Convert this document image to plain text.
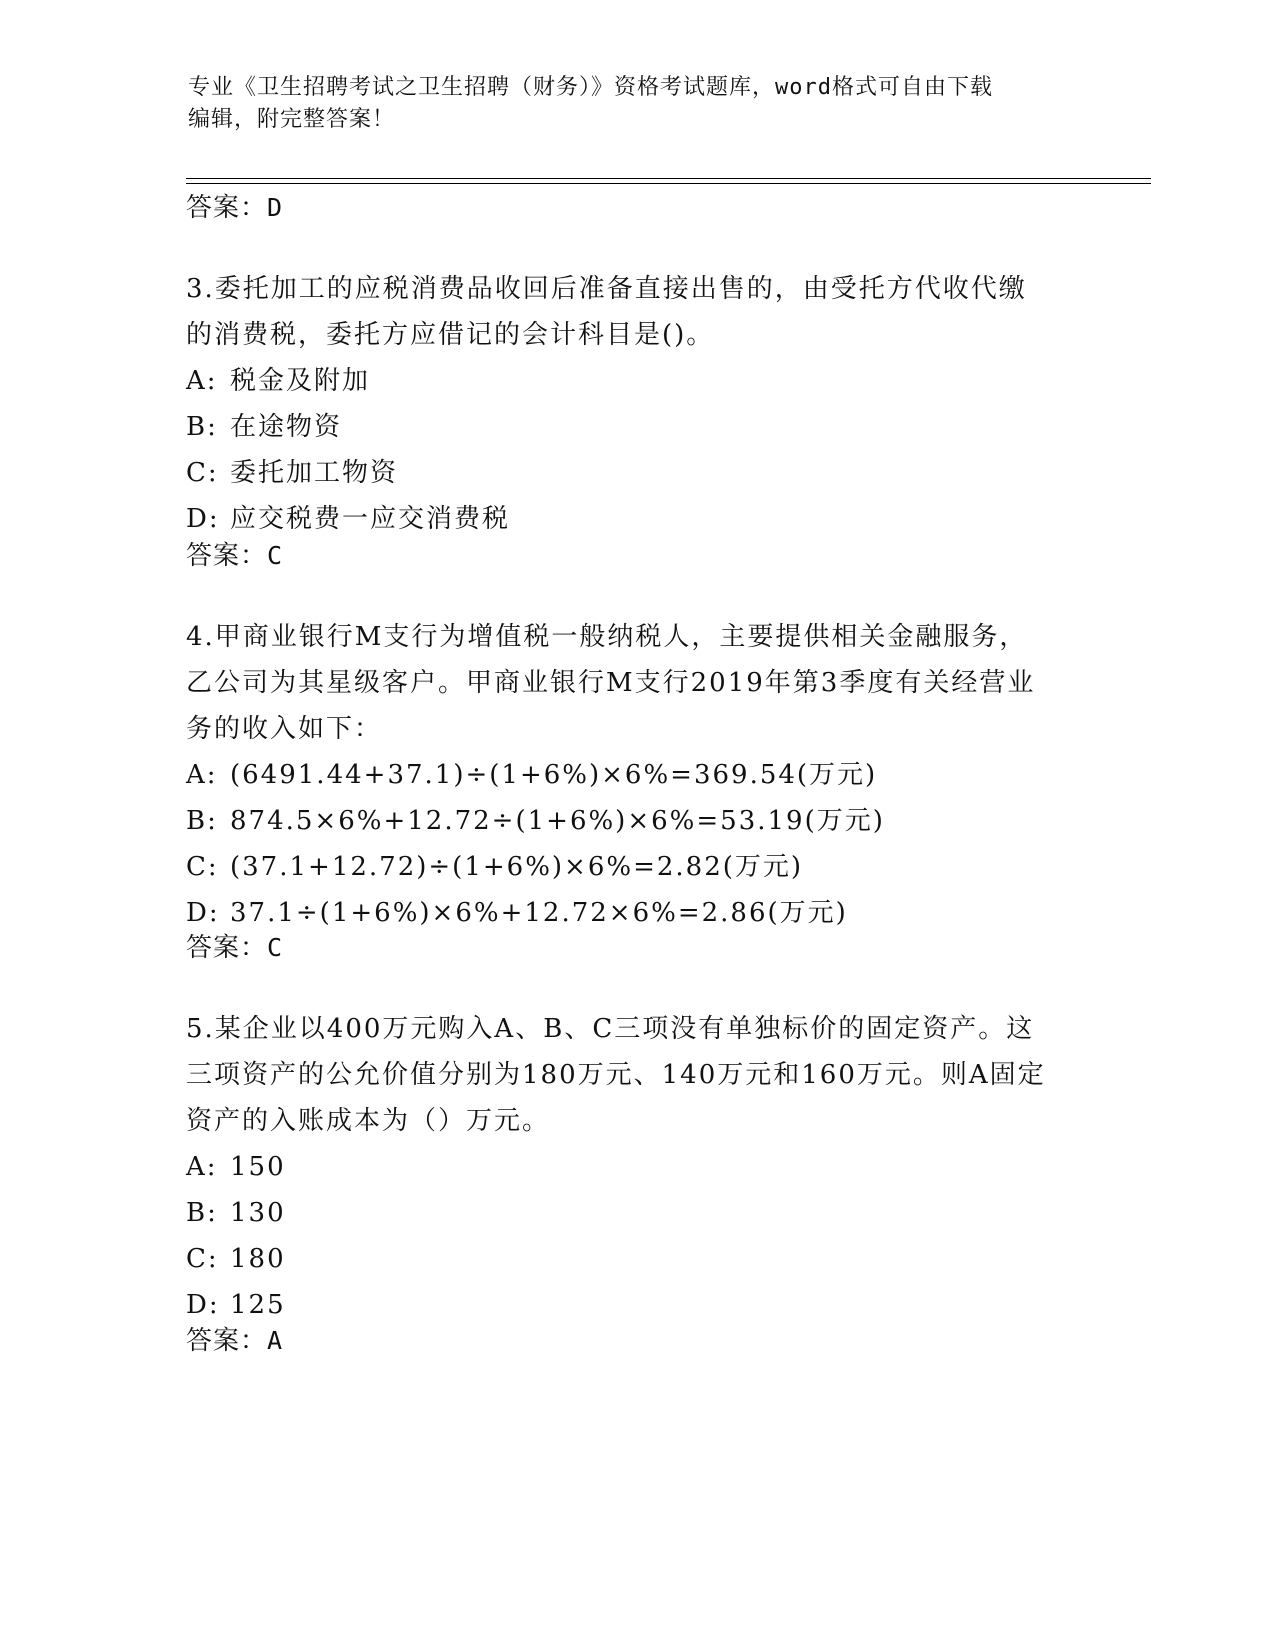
专业《卫生招聘考试之卫生招聘（财务）》资格考试题库，word格式可自由下载
编辑，附完整答案！
答案：D

3.委托加工的应税消费品收回后准备直接出售的，由受托方代收代缴

的消费税，委托方应借记的会计科目是()。

A: 税金及附加

B: 在途物资

C: 委托加工物资

D: 应交税费一应交消费税

答案：C

4.甲商业银行M支行为增值税一般纳税人，主要提供相关金融服务，

乙公司为其星级客户。甲商业银行M支行2019年第3季度有关经营业

务的收入如下：

A: (6491.44+37.1)÷(1+6%)×6%=369.54(万元)

B: 874.5×6%+12.72÷(1+6%)×6%=53.19(万元)

C: (37.1+12.72)÷(1+6%)×6%=2.82(万元)

D: 37.1÷(1+6%)×6%+12.72×6%=2.86(万元)

答案：C

5.某企业以400万元购入A、B、C三项没有单独标价的固定资产。这

三项资产的公允价值分别为180万元、140万元和160万元。则A固定

资产的入账成本为（）万元。

A: 150

B: 130

C: 180

D: 125

答案：A
